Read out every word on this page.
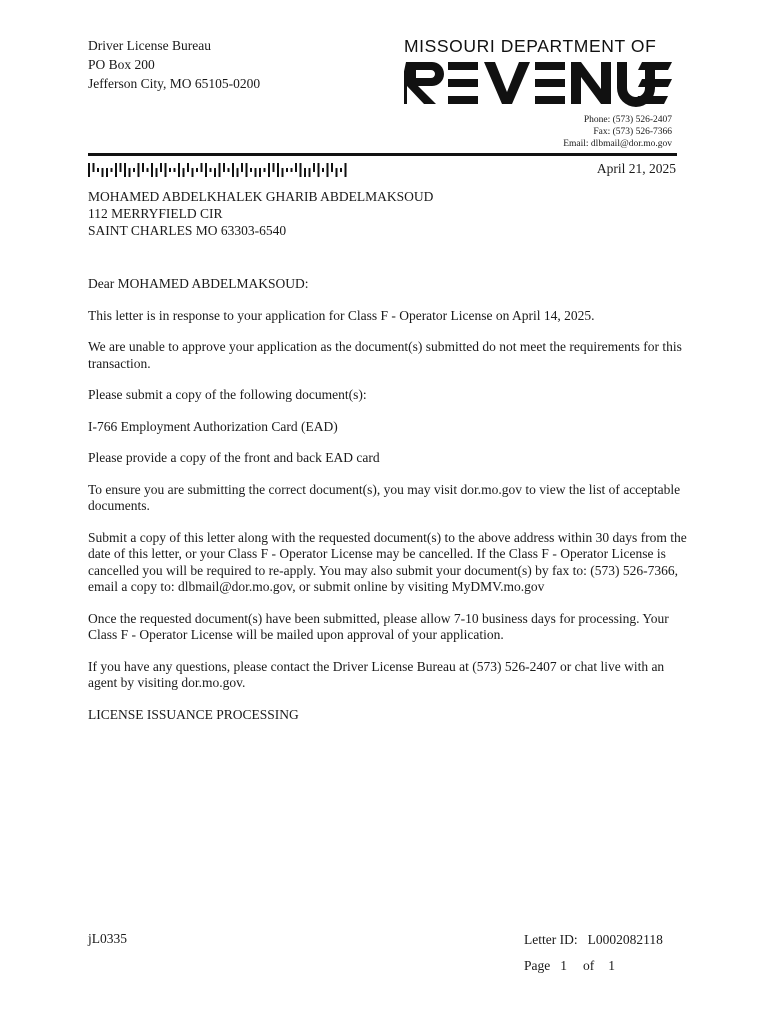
Driver License Bureau
PO Box 200
Jefferson City, MO 65105-0200
MISSOURI DEPARTMENT OF
Phone: (573) 526-2407
Fax: (573) 526-7366
Email: dlbmail@dor.mo.gov
April 21, 2025
MOHAMED ABDELKHALEK GHARIB ABDELMAKSOUD
112 MERRYFIELD CIR
SAINT CHARLES MO 63303-6540

Dear MOHAMED ABDELMAKSOUD:

This letter is in response to your application for Class F - Operator License on April 14, 2025.

We are unable to approve your application as the document(s) submitted do not meet the requirements for this transaction.

Please submit a copy of the following document(s):

I-766 Employment Authorization Card (EAD)

Please provide a copy of the front and back EAD card

To ensure you are submitting the correct document(s), you may visit dor.mo.gov to view the list of acceptable documents.

Submit a copy of this letter along with the requested document(s) to the above address within 30 days from the date of this letter, or your Class F - Operator License may be cancelled. If the Class F - Operator License is cancelled you will be required to re-apply. You may also submit your document(s) by fax to: (573) 526-7366, email a copy to: dlbmail@dor.mo.gov, or submit online by visiting MyDMV.mo.gov

Once the requested document(s) have been submitted, please allow 7-10 business days for processing. Your Class F - Operator License will be mailed upon approval of your application.

If you have any questions, please contact the Driver License Bureau at (573) 526-2407 or chat live with an agent by visiting dor.mo.gov.

LICENSE ISSUANCE PROCESSING

jL0335	Letter ID: L0002082118
Page 1 of 1
